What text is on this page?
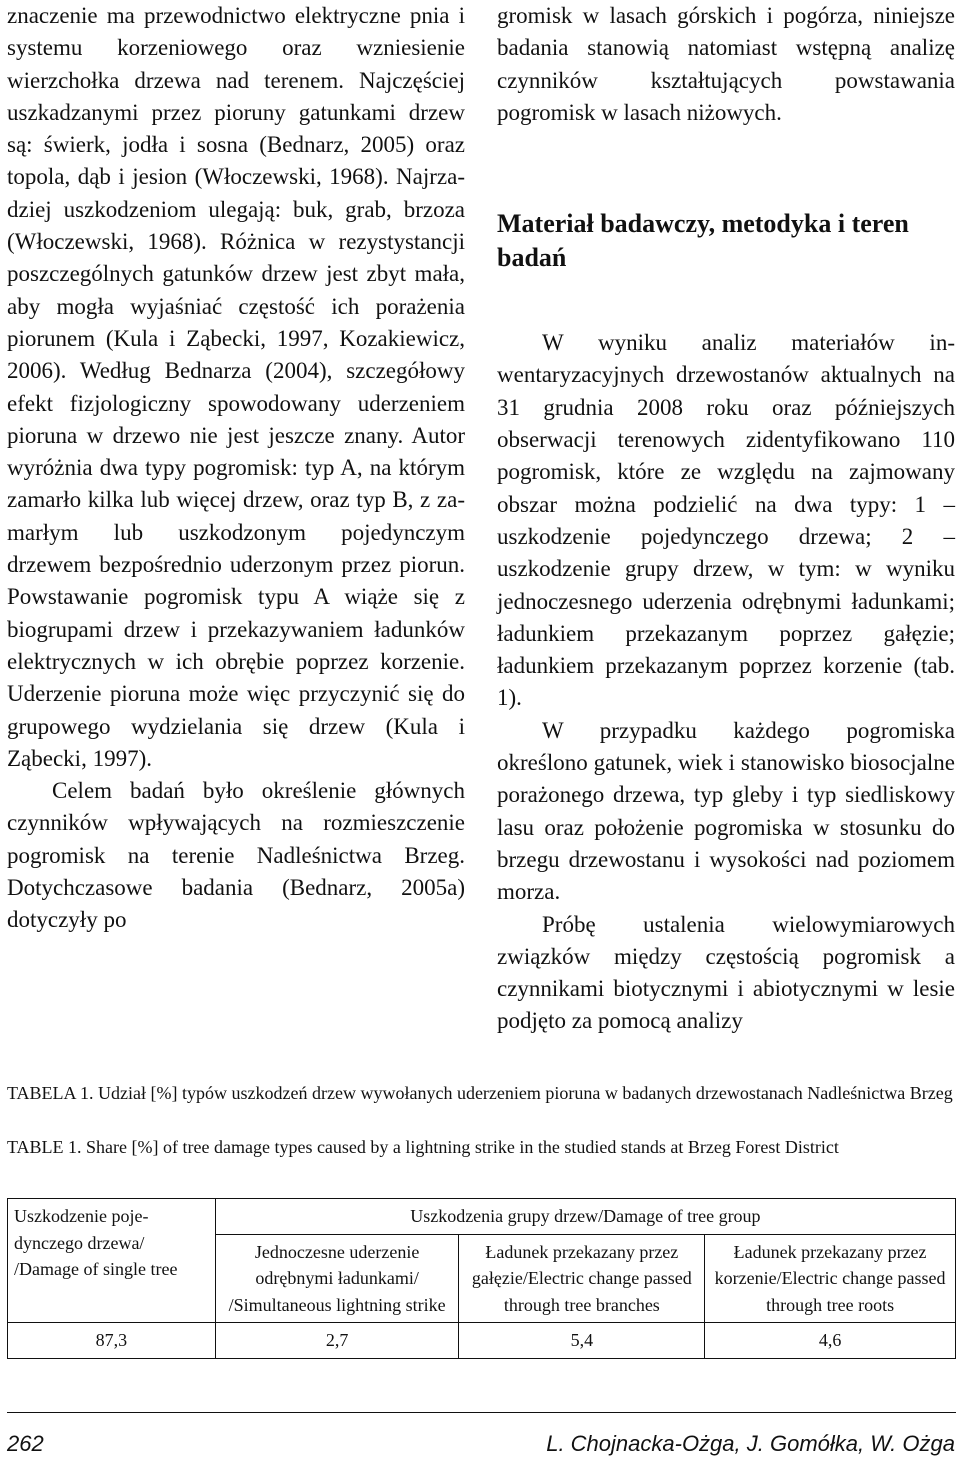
znaczenie ma przewodnictwo elektryczne pnia i systemu korzeniowego oraz wzniesienie wierzchołka drzewa nad terenem. Najczęściej uszkadzanymi przez pioruny gatunkami drzew są: świerk, jodła i sosna (Bednarz, 2005) oraz topola, dąb i jesion (Włoczewski, 1968). Najrzadziej uszkodzeniom ulegają: buk, grab, brzoza (Włoczewski, 1968). Różnica w rezystystancji poszczególnych gatunków drzew jest zbyt mała, aby mogła wyjaśniać częstość ich porażenia piorunem (Kula i Ząbecki, 1997, Kozakiewicz, 2006). Według Bednarza (2004), szczegółowy efekt fizjologiczny spowodowany uderzeniem pioruna w drzewo nie jest jeszcze znany. Autor wyróżnia dwa typy pogromisk: typ A, na którym zamarło kilka lub więcej drzew, oraz typ B, z zamarłym lub uszkodzonym pojedynczym drzewem bezpośrednio uderzonym przez piorun. Powstawanie pogromisk typu A wiąże się z biogrupami drzew i przekazywaniem ładunków elektrycznych w ich obrębie poprzez korzenie. Uderzenie pioruna może więc przyczynić się do grupowego wydzielania się drzew (Kula i Ząbecki, 1997).

Celem badań było określenie głównych czynników wpływających na rozmieszczenie pogromisk na terenie Nadleśnictwa Brzeg. Dotychczasowe badania (Bednarz, 2005a) dotyczyły po

gromisk w lasach górskich i pogórza, niniejsze badania stanowią natomiast wstępną analizę czynników kształtujących powstawania pogromisk w lasach niżowych.

Materiał badawczy, metodyka i teren badań

W wyniku analiz materiałów inwentaryzacyjnych drzewostanów aktualnych na 31 grudnia 2008 roku oraz późniejszych obserwacji terenowych zidentyfikowano 110 pogromisk, które ze względu na zajmowany obszar można podzielić na dwa typy: 1 – uszkodzenie pojedynczego drzewa; 2 – uszkodzenie grupy drzew, w tym: w wyniku jednoczesnego uderzenia odrębnymi ładunkami; ładunkiem przekazanym poprzez gałęzie; ładunkiem przekazanym poprzez korzenie (tab. 1).

W przypadku każdego pogromiska określono gatunek, wiek i stanowisko biosocjalne porażonego drzewa, typ gleby i typ siedliskowy lasu oraz położenie pogromiska w stosunku do brzegu drzewostanu i wysokości nad poziomem morza.

Próbę ustalenia wielowymiarowych związków między częstością pogromisk a czynnikami biotycznymi i abiotycznymi w lesie podjęto za pomocą analizy

TABELA 1. Udział [%] typów uszkodzeń drzew wywołanych uderzeniem pioruna w badanych drzewostanach Nadleśnictwa Brzeg
TABLE 1. Share [%] of tree damage types caused by a lightning strike in the studied stands at Brzeg Forest District
Uszkodzenie pojedynczego drzewa/ /Damage of single tree	Uszkodzenia grupy drzew/Damage of tree group		
	Jednoczesne uderzenie odrębnymi ładunkami/ /Simultaneous lightning strike	Ładunek przekazany przez gałęzie/Electric change passed through tree branches	Ładunek przekazany przez korzenie/Electric change passed through tree roots
87,3	2,7	5,4	4,6
262	L. Chojnacka-Ożga, J. Gomółka, W. Ożga
